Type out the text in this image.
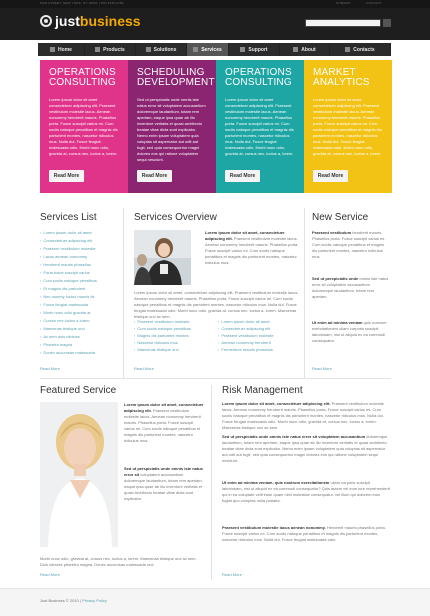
MAN STREET, NEW YORK, NY 10001 | 800.2345.6789	SITEMAP	CONTACT
justbusiness
Home	Products	Solutions	Services	Support	About	Contacts
OPERATIONS CONSULTING
Lorem ipsum dolor sit amet consectetuer adipiscing elit. Praesent vestibulum molestie lacus. Aenean nonummy hendrerit mauris. Phasellus porta. Fusce suscipit varius mi. Cum sociis natoque penatibus et magnis dis parturient montes, nascetur ridiculus mus. Nulla dui. Fusce feugiat malesuada odio. Morbi nunc odio, gravida at, cursus nec, luctus a, lorem.
Read More
SCHEDULING DEVELOPMENT
Sed ut perspiciatis unde omnis iste natus error sit voluptatem accusantium doloremque laudantium, totam rem aperiam, eaque ipsa quae ab illo inventore veritatis et quasi architecto beatae vitae dicta sunt explicabo. Nemo enim ipsam voluptatem quia voluptas sit aspernatur aut odit aut fugit, sed quia consequuntur magni dolores eos qui ratione voluptatem sequi nesciunt.
Read More
OPERATIONS CONSULTING
Lorem ipsum dolor sit amet consectetuer adipiscing elit. Praesent vestibulum molestie lacus. Aenean nonummy hendrerit mauris. Phasellus porta. Fusce suscipit varius mi. Cum sociis natoque penatibus et magnis dis parturient montes, nascetur ridiculus mus. Nulla dui. Fusce feugiat malesuada odio. Morbi nunc odio, gravida at, cursus nec, luctus a, lorem.
Read More
MARKET ANALYTICS
Lorem ipsum dolor sit amet consectetuer adipiscing elit. Praesent vestibulum molestie lacus. Aenean nonummy hendrerit mauris. Phasellus porta. Fusce suscipit varius mi. Cum sociis natoque penatibus et magnis dis parturient montes, nascetur ridiculus mus. Nulla dui. Fusce feugiat malesuada odio. Morbi nunc odio, gravida at, cursus nec, luctus a, lorem.
Read More
Services List
› Lorem ipsum dolor sit amet
› Consectetuer adipiscing elit
› Praesent vestibulum molestie
› Lacus aenean nonummy
› Hendrerit mauris phasellus
› Porta fusce suscipit varius
› Cum sociis natoque penatibus
› Et magnis dis parturient
› Nec nummy luctus mauris fis
› Fusce feugiat malesuada
› Morbi nunc odio gravida at
› Cursus nec luctus a lorem
› Maecenas tristique orci
› Ac sem duis ultricies
› Pharetra magna
› Donec accumsan malesuada
Read More
Services Overview
Lorem ipsum dolor sit amet, consectetuer adipiscing elit. Praesent vestibulum molestie lacus. Aenean nonummy hendrerit mauris. Phasellus porta. Fusce suscipit varius mi. Cum sociis natoque penatibus et magnis dis parturient montes, nascetur ridiculus mus.
Lorem ipsum dolor sit amet, consectetuer adipiscing elit. Praesent vestibulum molestie lacus. Aenean nonummy hendrerit mauris. Phasellus porta. Fusce suscipit varius mi. Cum sociis natoque penatibus et magnis dis parturient montes, nascetur ridiculus mus. Nulla dui. Fusce feugiat malesuada odio. Morbi nunc odio, gravida at, cursus nec, luctus a, lorem. Maecenas tristique orci ac sem.
› Praesent vestibulum molestie
› Cum sociis natoque penatibus
› Magnis dis parturient montes
› Nascetur ridiculus mus
› Maecenas tristique orci
› Lorem ipsum dolor sit amet
› Consectetuer adipiscing elit
› Praesent vestibulum molestie
› Aenean nonummy hendrerit
› Fermentum mauris phasellus
Read More
New Service
Praesent vestibulum hendrerit mauris. Phasellus porta. Fusce suscipit varius mi. Cum sociis natoque penatibus et magnis dis parturient montes, nascetur ridiculus mus.
Sed ut perspiciatis unde omnis iste natus error sit voluptatem accusantium doloremque laudantium, totam rem aperiam.
Ut enim ad minima veniam quis nostrum exercitationem ullam corporis suscipit laboriosam, nisi ut aliquid ex ea commodi consequatur.
Read More
Featured Service
Lorem ipsum dolor sit amet, consectetuer adipiscing elit. Praesent vestibulum molestie lacus. Aenean nonummy hendrerit mauris. Phasellus porta. Fusce suscipit varius mi. Cum sociis natoque penatibus et magnis dis parturient montes, nascetur ridiculus mus.
Sed ut perspiciatis unde omnis iste natus error sit voluptatem accusantium doloremque laudantium, totam rem aperiam, eaque ipsa quae ab illo inventore veritatis et quasi architecto beatae vitae dicta sunt explicabo.
Morbi nunc odio, gravida at, cursus nec, luctus a, lorem. Maecenas tristique orci ac sem. Duis ultricies pharetra magna. Donec accumsan malesuada orci.
Read More
Risk Management
Lorem ipsum dolor sit amet, consectetuer adipiscing elit. Praesent vestibulum molestie lacus. Aenean nonummy hendrerit mauris. Phasellus porta. Fusce suscipit varius mi. Cum sociis natoque penatibus et magnis dis parturient montes, nascetur ridiculus mus. Nulla dui. Fusce feugiat malesuada odio. Morbi nunc odio, gravida at, cursus nec, luctus a, lorem. Maecenas tristique orci ac sem.
Sed ut perspiciatis unde omnis iste natus error sit voluptatem accusantium doloremque laudantium, totam rem aperiam, eaque ipsa quae ab illo inventore veritatis et quasi architecto beatae vitae dicta sunt explicabo. Nemo enim ipsam voluptatem quia voluptas sit aspernatur aut odit aut fugit, sed quia consequuntur magni dolores eos qui ratione voluptatem sequi nesciunt.
Ut enim ad minima veniam, quis nostrum exercitationem ullam corporis suscipit laboriosam, nisi ut aliquid ex ea commodi consequatur? Quis autem vel eum iure reprehenderit qui in ea voluptate velit esse quam nihil molestiae consequatur, vel illum qui dolorem eum fugiat quo voluptas nulla pariatur.
Praesent vestibulum molestie lacus aenean nonummy. Hendrerit mauris phasellus porta. Fusce suscipit varius mi. Cum sociis natoque penatibus et magnis dis parturient montes, nascetur ridiculus mus. Nulla dui. Fusce feugiat malesuada odio.
Read More
Just Business © 2010 | Privacy Policy
